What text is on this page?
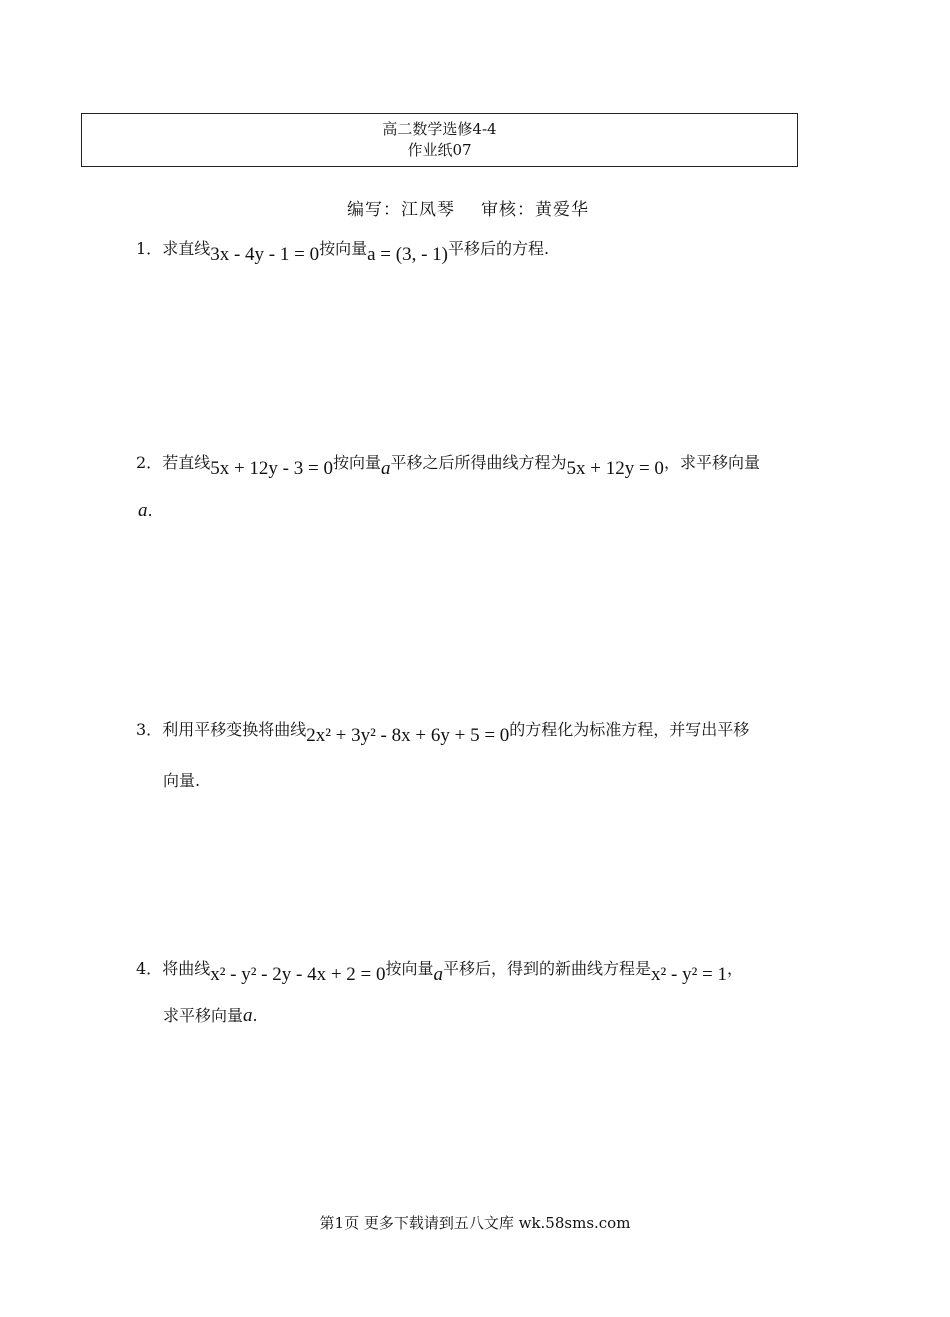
高二数学选修4-4
作业纸07
编写：江凤琴 审核：黄爱华
1．求直线3x - 4y - 1 = 0按向量a = (3, - 1)平移后的方程.
2．若直线5x + 12y - 3 = 0按向量a平移之后所得曲线方程为5x + 12y = 0，求平移向量
a.
3．利用平移变换将曲线2x² + 3y² - 8x + 6y + 5 = 0的方程化为标准方程，并写出平移
向量.
4．将曲线x² - y² - 2y - 4x + 2 = 0按向量a平移后，得到的新曲线方程是x² - y² = 1，
求平移向量a.
第1页 更多下载请到五八文库 wk.58sms.com
